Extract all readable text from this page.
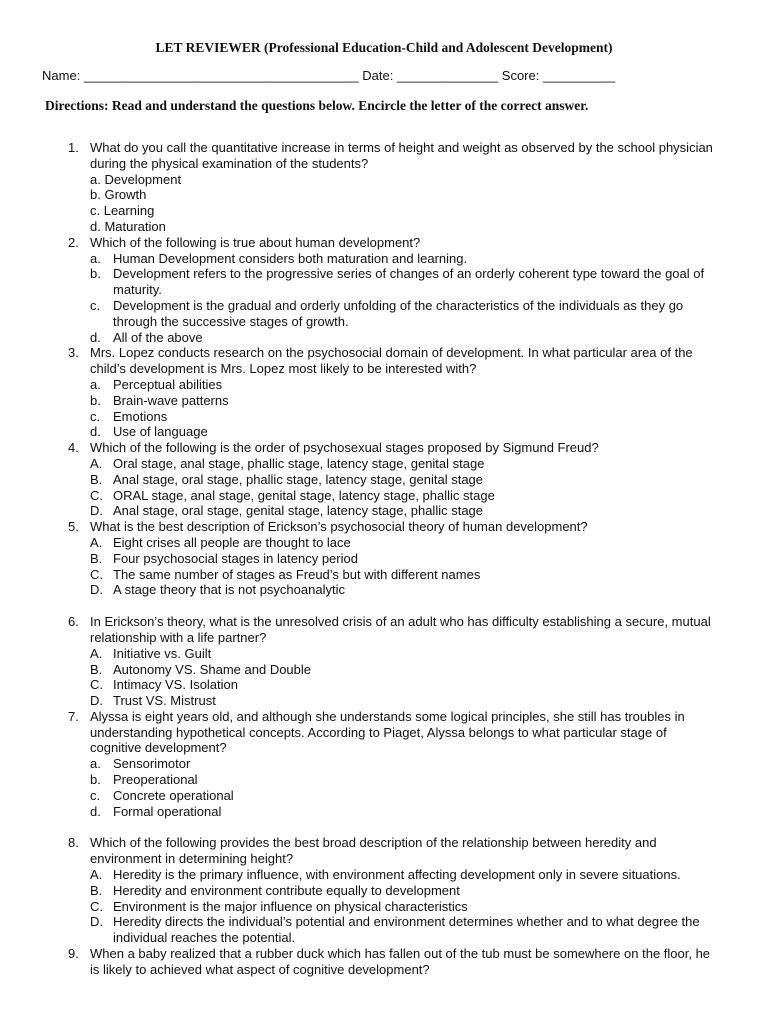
LET REVIEWER (Professional Education-Child and Adolescent Development)
Name: ______________________________________ Date: ______________ Score: __________
Directions: Read and understand the questions below. Encircle the letter of the correct answer.
1. What do you call the quantitative increase in terms of height and weight as observed by the school physician during the physical examination of the students?
a. Development
b. Growth
c. Learning
d. Maturation
2. Which of the following is true about human development?
a. Human Development considers both maturation and learning.
b. Development refers to the progressive series of changes of an orderly coherent type toward the goal of maturity.
c. Development is the gradual and orderly unfolding of the characteristics of the individuals as they go through the successive stages of growth.
d. All of the above
3. Mrs. Lopez conducts research on the psychosocial domain of development. In what particular area of the child’s development is Mrs. Lopez most likely to be interested with?
a. Perceptual abilities
b. Brain-wave patterns
c. Emotions
d. Use of language
4. Which of the following is the order of psychosexual stages proposed by Sigmund Freud?
A. Oral stage, anal stage, phallic stage, latency stage, genital stage
B. Anal stage, oral stage, phallic stage, latency stage, genital stage
C. ORAL stage, anal stage, genital stage, latency stage, phallic stage
D. Anal stage, oral stage, genital stage, latency stage, phallic stage
5. What is the best description of Erickson’s psychosocial theory of human development?
A. Eight crises all people are thought to lace
B. Four psychosocial stages in latency period
C. The same number of stages as Freud’s but with different names
D. A stage theory that is not psychoanalytic
6. In Erickson’s theory, what is the unresolved crisis of an adult who has difficulty establishing a secure, mutual relationship with a life partner?
A. Initiative vs. Guilt
B. Autonomy VS. Shame and Double
C. Intimacy VS. Isolation
D. Trust VS. Mistrust
7. Alyssa is eight years old, and although she understands some logical principles, she still has troubles in understanding hypothetical concepts. According to Piaget, Alyssa belongs to what particular stage of cognitive development?
a. Sensorimotor
b. Preoperational
c. Concrete operational
d. Formal operational
8. Which of the following provides the best broad description of the relationship between heredity and environment in determining height?
A. Heredity is the primary influence, with environment affecting development only in severe situations.
B. Heredity and environment contribute equally to development
C. Environment is the major influence on physical characteristics
D. Heredity directs the individual’s potential and environment determines whether and to what degree the individual reaches the potential.
9. When a baby realized that a rubber duck which has fallen out of the tub must be somewhere on the floor, he is likely to achieved what aspect of cognitive development?
